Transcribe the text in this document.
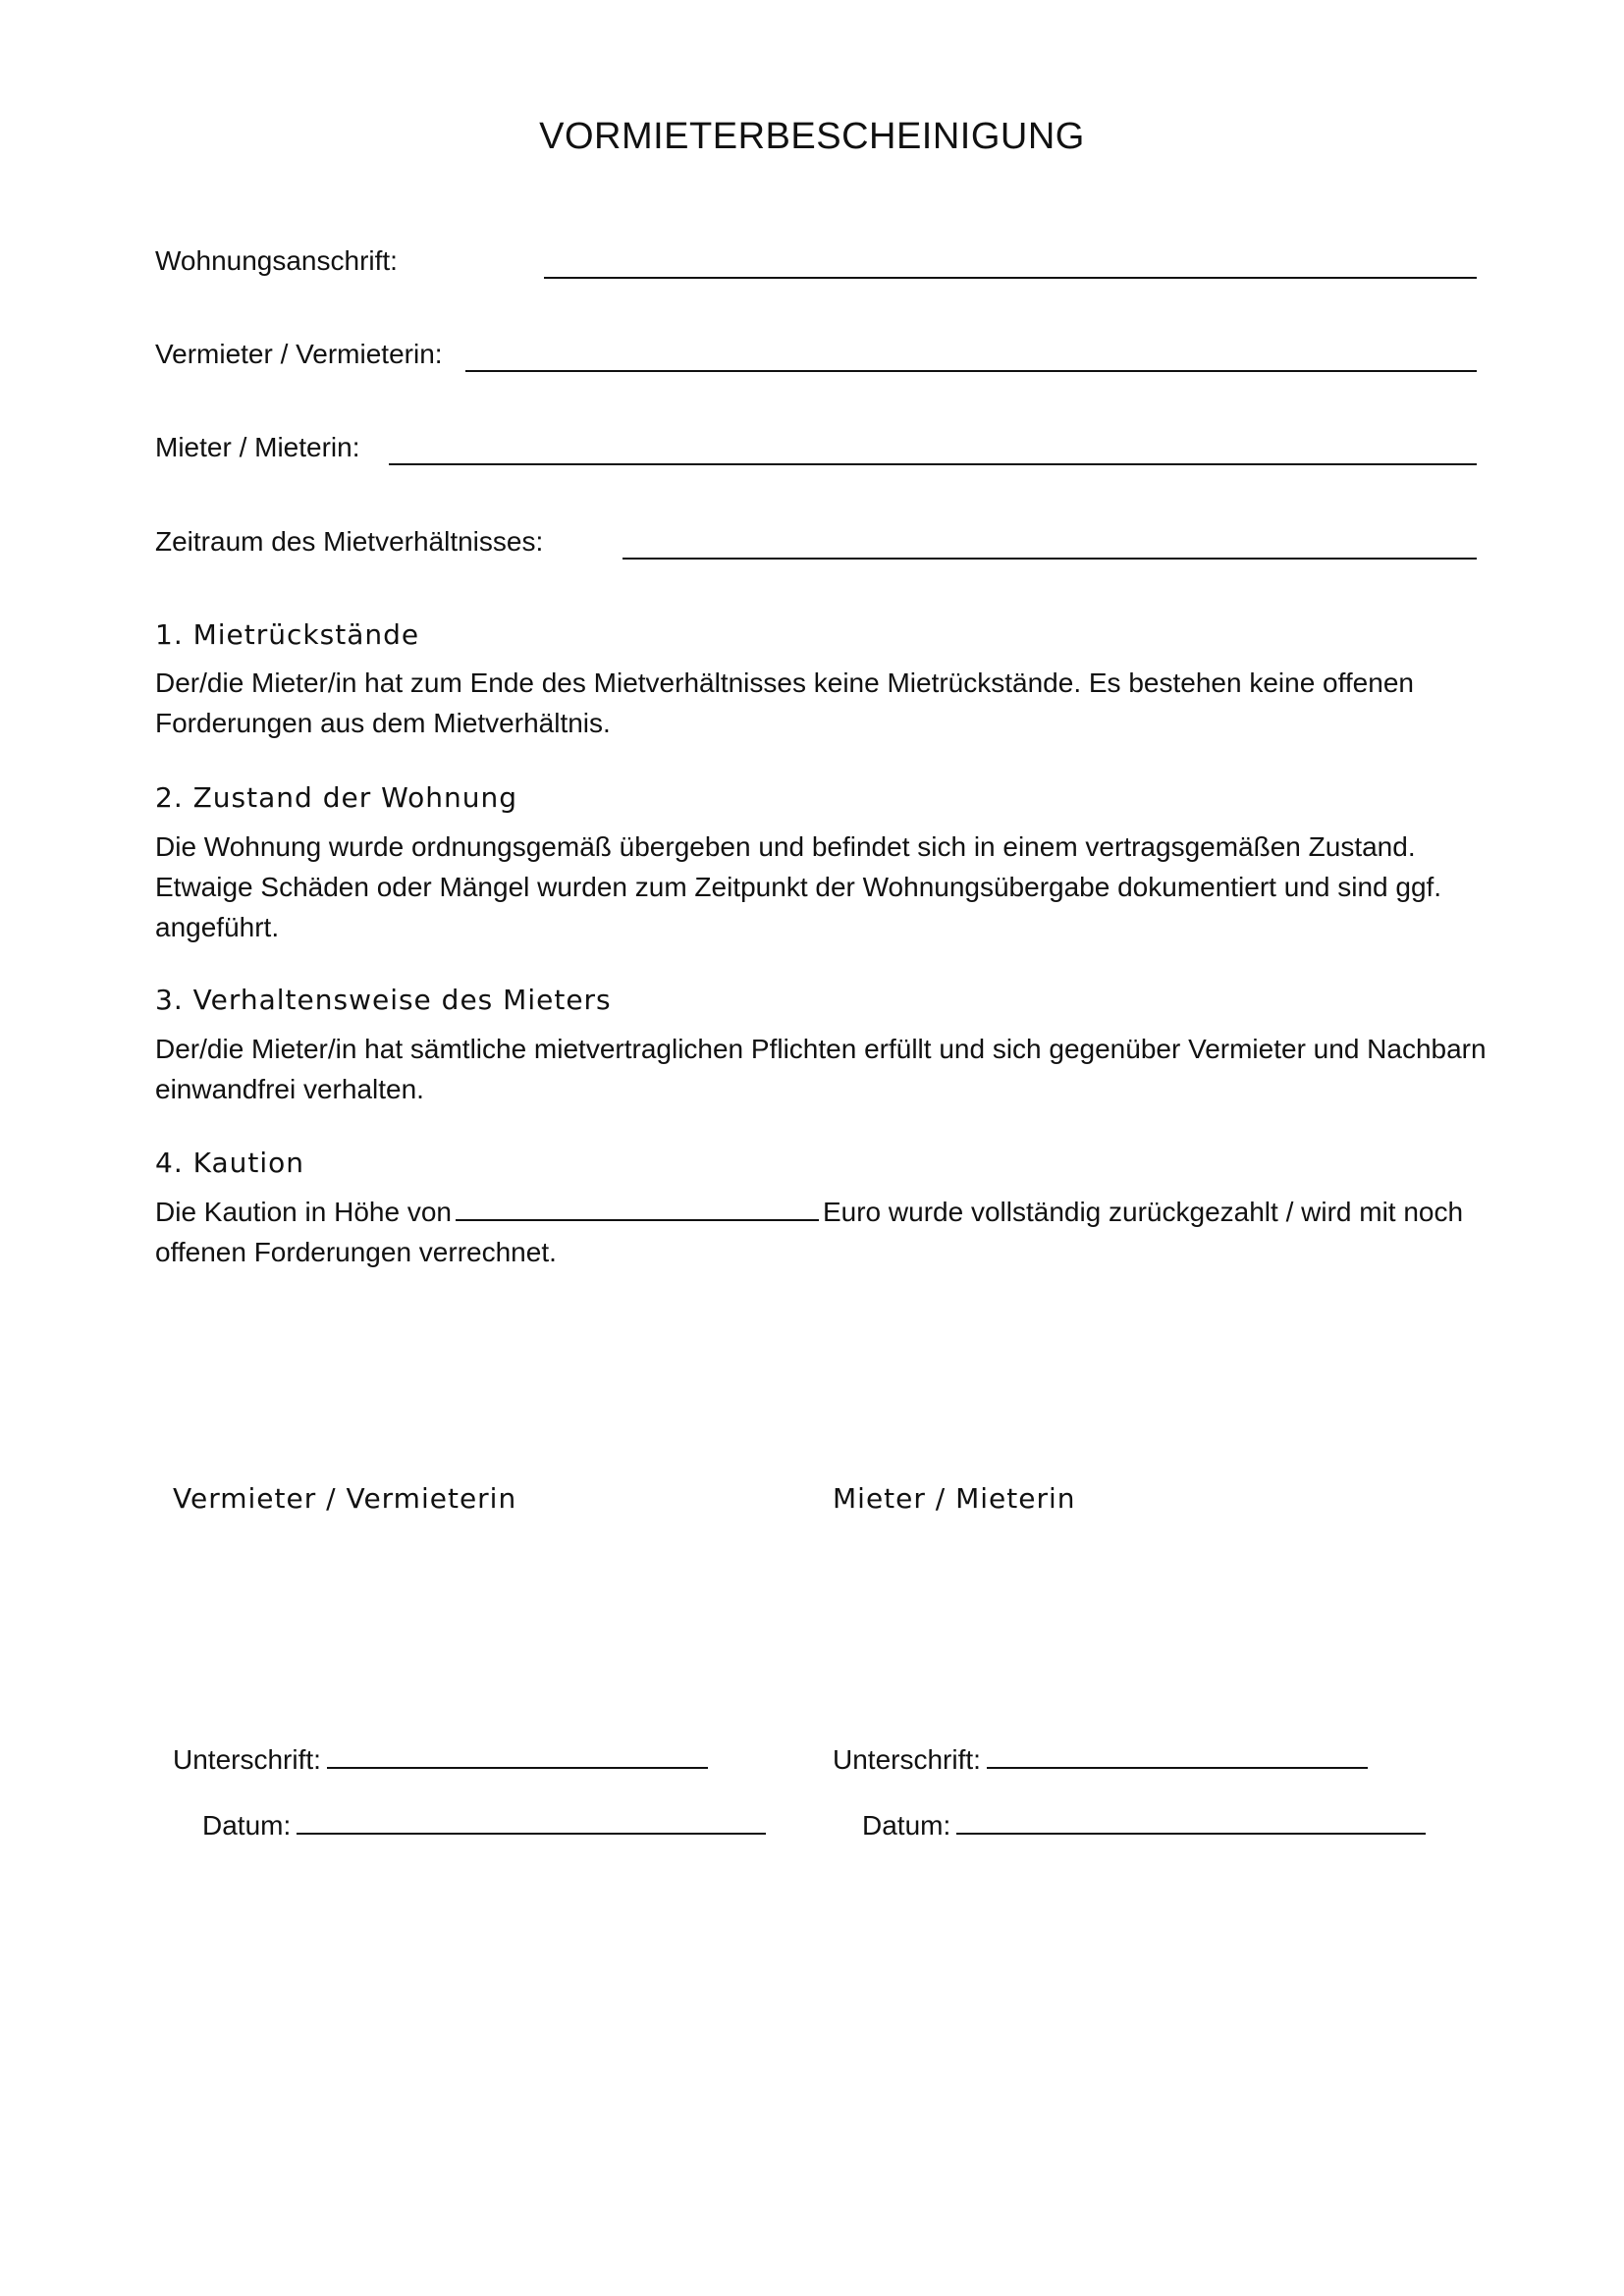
VORMIETERBESCHEINIGUNG
Wohnungsanschrift:
Vermieter / Vermieterin:
Mieter / Mieterin:
Zeitraum des Mietverhältnisses:
1. Mietrückstände
Der/die Mieter/in hat zum Ende des Mietverhältnisses keine Mietrückstände. Es bestehen keine offenen Forderungen aus dem Mietverhältnis.
2. Zustand der Wohnung
Die Wohnung wurde ordnungsgemäß übergeben und befindet sich in einem vertragsgemäßen Zustand. Etwaige Schäden oder Mängel wurden zum Zeitpunkt der Wohnungsübergabe dokumentiert und sind ggf. angeführt.
3. Verhaltensweise des Mieters
Der/die Mieter/in hat sämtliche mietvertraglichen Pflichten erfüllt und sich gegenüber Vermieter und Nachbarn einwandfrei verhalten.
4. Kaution
Die Kaution in Höhe von	Euro wurde vollständig zurückgezahlt / wird mit noch offenen Forderungen verrechnet.
Vermieter / Vermieterin	Mieter / Mieterin
Unterschrift:	Unterschrift:
Datum:	Datum:
